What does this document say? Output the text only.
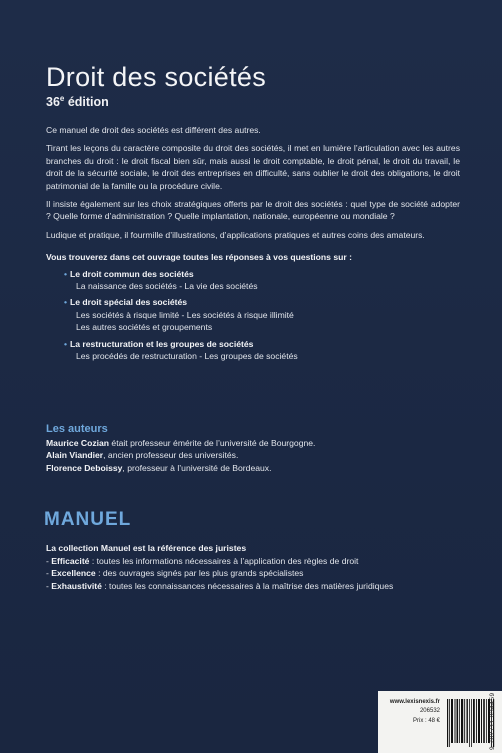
Droit des sociétés
36e édition

Ce manuel de droit des sociétés est différent des autres.

Tirant les leçons du caractère composite du droit des sociétés, il met en lumière l’articulation avec les autres branches du droit : le droit fiscal bien sûr, mais aussi le droit comptable, le droit pénal, le droit du travail, le droit de la sécurité sociale, le droit des entreprises en difficulté, sans oublier le droit des obligations, le droit patrimonial de la famille ou la procédure civile.

Il insiste également sur les choix stratégiques offerts par le droit des sociétés : quel type de société adopter ? Quelle forme d’administration ? Quelle implantation, nationale, européenne ou mondiale ?

Ludique et pratique, il fourmille d’illustrations, d’applications pratiques et autres coins des amateurs.

Vous trouverez dans cet ouvrage toutes les réponses à vos questions sur :
• Le droit commun des sociétés
La naissance des sociétés - La vie des sociétés
• Le droit spécial des sociétés
Les sociétés à risque limité - Les sociétés à risque illimité
Les autres sociétés et groupements
• La restructuration et les groupes de sociétés
Les procédés de restructuration - Les groupes de sociétés
Les auteurs
Maurice Cozian était professeur émérite de l’université de Bourgogne.
Alain Viandier, ancien professeur des universités.
Florence Deboissy, professeur à l’université de Bordeaux.
MANUEL
La collection Manuel est la référence des juristes
- Efficacité : toutes les informations nécessaires à l’application des règles de droit
- Excellence : des ouvrages signés par les plus grands spécialistes
- Exhaustivité : toutes les connaissances nécessaires à la maîtrise des matières juridiques
www.lexisnexis.fr
206532
Prix : 48 €	9 782711 034459
